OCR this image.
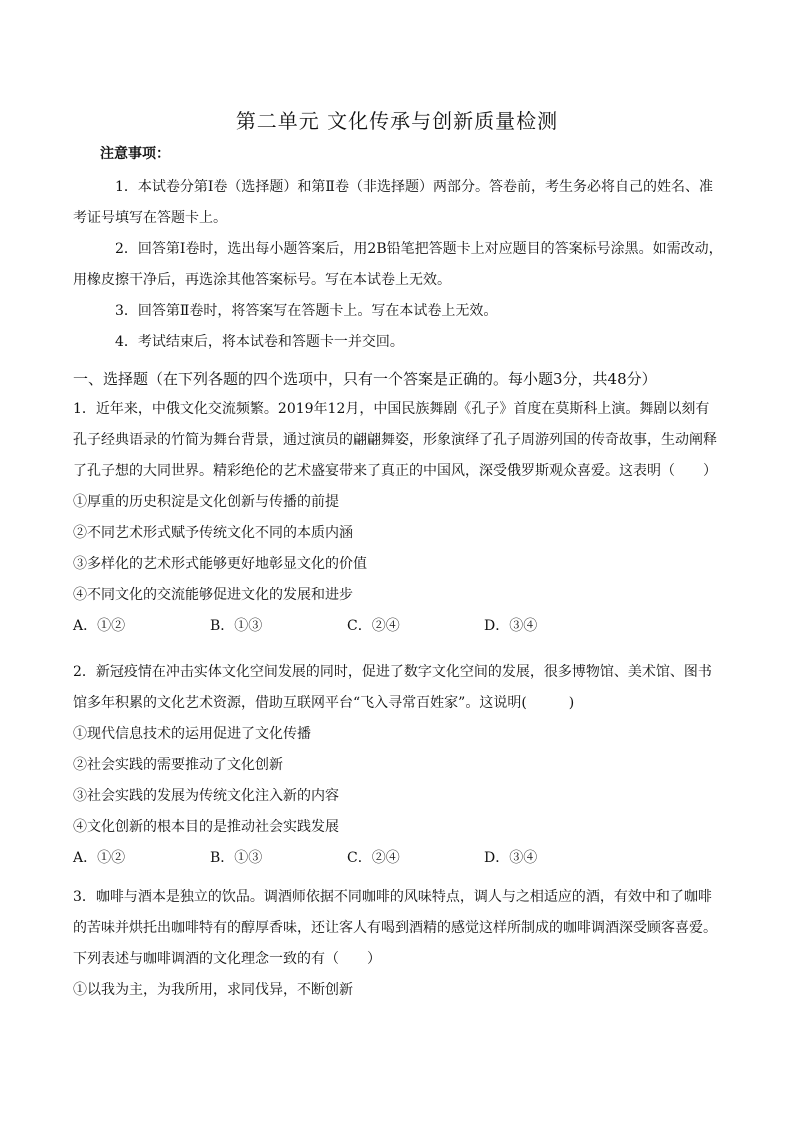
第二单元 文化传承与创新质量检测
注意事项：

1．本试卷分第Ⅰ卷（选择题）和第Ⅱ卷（非选择题）两部分。答卷前，考生务必将自己的姓名、准考证号填写在答题卡上。

2．回答第Ⅰ卷时，选出每小题答案后，用2B铅笔把答题卡上对应题目的答案标号涂黑。如需改动，用橡皮擦干净后，再选涂其他答案标号。写在本试卷上无效。

3．回答第Ⅱ卷时，将答案写在答题卡上。写在本试卷上无效。

4．考试结束后，将本试卷和答题卡一并交回。

一、选择题（在下列各题的四个选项中，只有一个答案是正确的。每小题3分，共48分）

1．近年来，中俄文化交流频繁。2019年12月，中国民族舞剧《孔子》首度在莫斯科上演。舞剧以刻有孔子经典语录的竹简为舞台背景，通过演员的翩翩舞姿，形象演绎了孔子周游列国的传奇故事，生动阐释了孔子想的大同世界。精彩绝伦的艺术盛宴带来了真正的中国风，深受俄罗斯观众喜爱。这表明（　　）

①厚重的历史积淀是文化创新与传播的前提

②不同艺术形式赋予传统文化不同的本质内涵

③多样化的艺术形式能够更好地彰显文化的价值

④不同文化的交流能够促进文化的发展和进步

A．①②	B．①③	C．②④	D．③④

2．新冠疫情在冲击实体文化空间发展的同时，促进了数字文化空间的发展，很多博物馆、美术馆、图书馆多年积累的文化艺术资源，借助互联网平台“飞入寻常百姓家”。这说明(　　　)

①现代信息技术的运用促进了文化传播

②社会实践的需要推动了文化创新

③社会实践的发展为传统文化注入新的内容

④文化创新的根本目的是推动社会实践发展

A．①②	B．①③	C．②④	D．③④

3．咖啡与酒本是独立的饮品。调酒师依据不同咖啡的风味特点，调人与之相适应的酒，有效中和了咖啡的苦味并烘托出咖啡特有的醇厚香味，还让客人有喝到酒精的感觉这样所制成的咖啡调酒深受顾客喜爱。下列表述与咖啡调酒的文化理念一致的有（　　）

①以我为主，为我所用，求同伐异，不断创新
